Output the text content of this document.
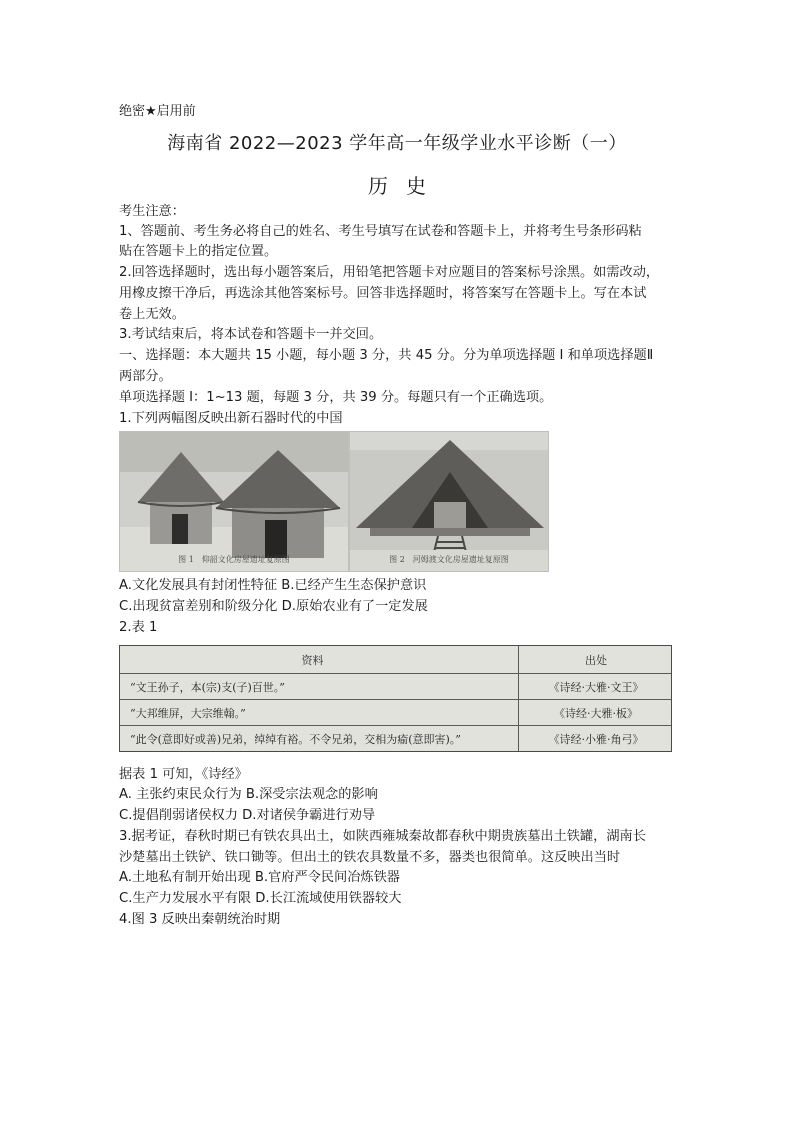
绝密★启用前
海南省 2022—2023 学年高一年级学业水平诊断（一）
历史
考生注意：
1、答题前、考生务必将自己的姓名、考生号填写在试卷和答题卡上，并将考生号条形码粘
贴在答题卡上的指定位置。
2.回答选择题时，选出每小题答案后，用铅笔把答题卡对应题目的答案标号涂黑。如需改动，
用橡皮擦干净后，再选涂其他答案标号。回答非选择题时，将答案写在答题卡上。写在本试
卷上无效。
3.考试结束后，将本试卷和答题卡一并交回。
一、选择题：本大题共 15 小题，每小题 3 分，共 45 分。分为单项选择题 I 和单项选择题Ⅱ
两部分。
单项选择题 I：1~13 题，每题 3 分，共 39 分。每题只有一个正确选项。
1.下列两幅图反映出新石器时代的中国
图 1　仰韶文化房屋遗址复原图	图 2　河姆渡文化房屋遗址复原图
A.文化发展具有封闭性特征 B.已经产生生态保护意识
C.出现贫富差别和阶级分化 D.原始农业有了一定发展
2.表 1
资料	出处
“文王孙子，本(宗)支(子)百世。”	《诗经·大雅·文王》
“大邦维屏，大宗维翰。”	《诗经·大雅·板》
“此令(意即好或善)兄弟，绰绰有裕。不令兄弟，交相为瘉(意即害)。”	《诗经·小雅·角弓》
据表 1 可知，《诗经》
A. 主张约束民众行为 B.深受宗法观念的影响
C.提倡削弱诸侯权力 D.对诸侯争霸进行劝导
3.据考证，春秋时期已有铁农具出土，如陕西雍城秦故都春秋中期贵族墓出土铁罐，湖南长
沙楚墓出土铁铲、铁口锄等。但出土的铁农具数量不多，器类也很简单。这反映出当时
A.土地私有制开始出现 B.官府严令民间冶炼铁器
C.生产力发展水平有限 D.长江流域使用铁器较大
4.图 3 反映出秦朝统治时期
